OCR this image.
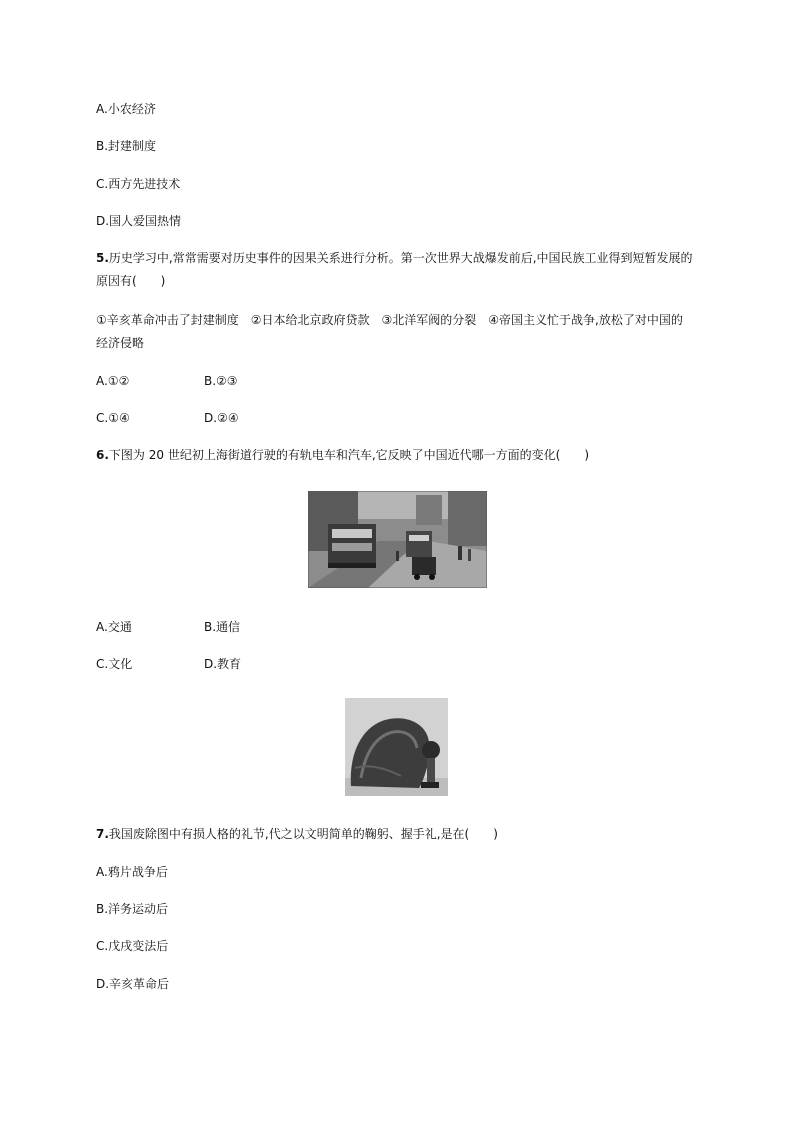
A.小农经济
B.封建制度
C.西方先进技术
D.国人爱国热情
5.历史学习中,常常需要对历史事件的因果关系进行分析。第一次世界大战爆发前后,中国民族工业得到短暂发展的
原因有(　　)
①辛亥革命冲击了封建制度　②日本给北京政府贷款　③北洋军阀的分裂　④帝国主义忙于战争,放松了对中国的
经济侵略
A.①②	B.②③
C.①④	D.②④
6.下图为 20 世纪初上海街道行驶的有轨电车和汽车,它反映了中国近代哪一方面的变化(　　)
A.交通	B.通信
C.文化	D.教育
7.我国废除图中有损人格的礼节,代之以文明简单的鞠躬、握手礼,是在(　　)
A.鸦片战争后
B.洋务运动后
C.戊戌变法后
D.辛亥革命后
